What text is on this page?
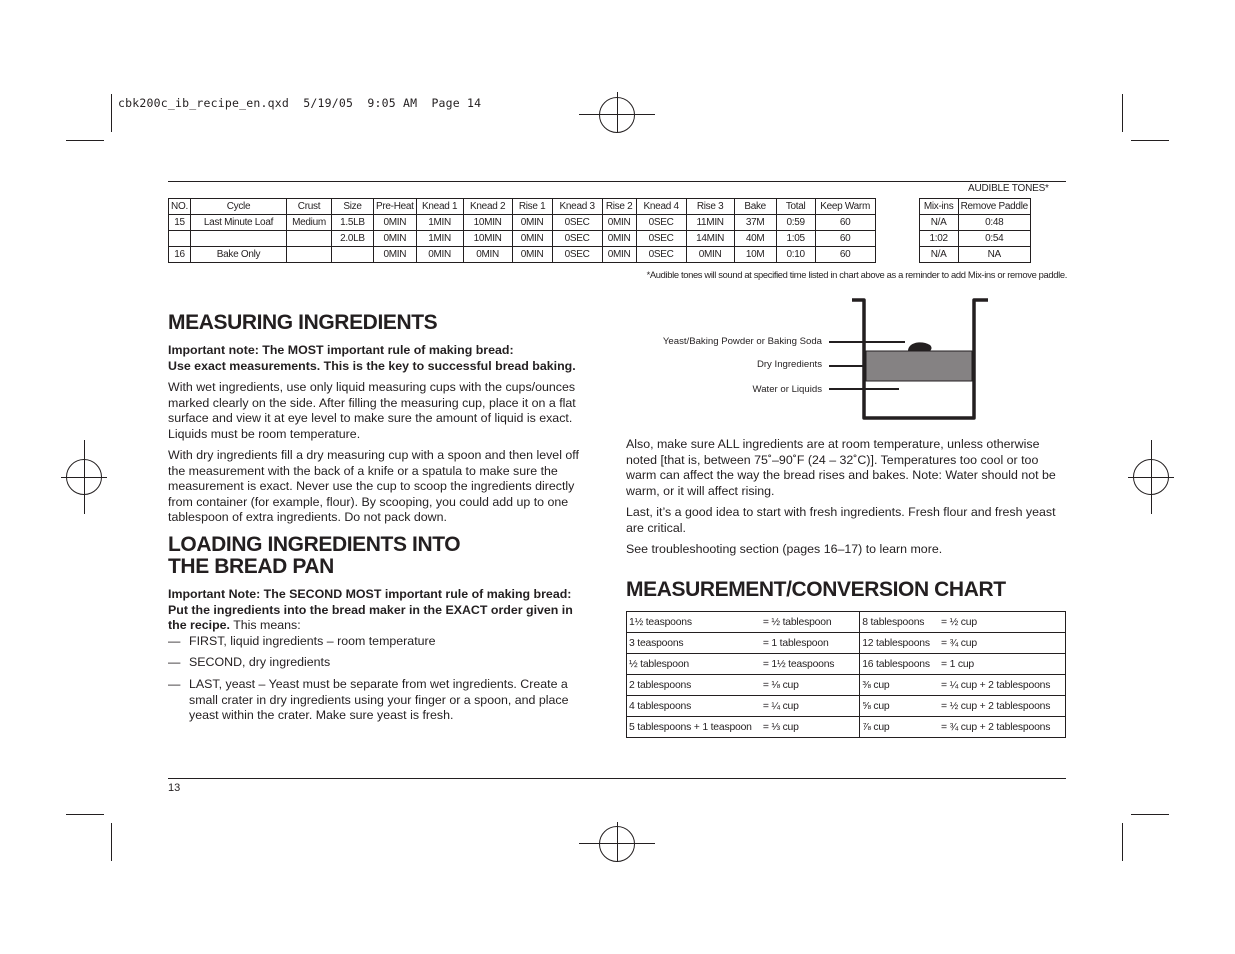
cbk200c_ib_recipe_en.qxd  5/19/05  9:05 AM  Page 14
AUDIBLE TONES*
NO.	Cycle	Crust	Size	Pre-Heat	Knead 1	Knead 2	Rise 1	Knead 3	Rise 2	Knead 4	Rise 3	Bake	Total	Keep Warm		Mix-ins	Remove Paddle
15	Last Minute Loaf	Medium	1.5LB	0MIN	1MIN	10MIN	0MIN	0SEC	0MIN	0SEC	11MIN	37M	0:59	60		N/A	0:48
			2.0LB	0MIN	1MIN	10MIN	0MIN	0SEC	0MIN	0SEC	14MIN	40M	1:05	60		1:02	0:54
16	Bake Only			0MIN	0MIN	0MIN	0MIN	0SEC	0MIN	0SEC	0MIN	10M	0:10	60		N/A	NA
*Audible tones will sound at specified time listed in chart above as a reminder to add Mix-ins or remove paddle.
MEASURING INGREDIENTS
Important note: The MOST important rule of making bread:
Use exact measurements. This is the key to successful bread baking.
With wet ingredients, use only liquid measuring cups with the cups/ounces marked clearly on the side. After filling the measuring cup, place it on a flat surface and view it at eye level to make sure the amount of liquid is exact. Liquids must be room temperature.
With dry ingredients fill a dry measuring cup with a spoon and then level off the measurement with the back of a knife or a spatula to make sure the measurement is exact. Never use the cup to scoop the ingredients directly from container (for example, flour). By scooping, you could add up to one tablespoon of extra ingredients. Do not pack down.
LOADING INGREDIENTS INTO
THE BREAD PAN
Important Note: The SECOND MOST important rule of making bread:
Put the ingredients into the bread maker in the EXACT order given in
the recipe. This means:
— FIRST, liquid ingredients – room temperature
— SECOND, dry ingredients
— LAST, yeast – Yeast must be separate from wet ingredients. Create a small crater in dry ingredients using your finger or a spoon, and place yeast within the crater. Make sure yeast is fresh.
Yeast/Baking Powder or Baking Soda
Dry Ingredients
Water or Liquids
Also, make sure ALL ingredients are at room temperature, unless otherwise noted [that is, between 75˚–90˚F (24 – 32˚C)]. Temperatures too cool or too warm can affect the way the bread rises and bakes. Note: Water should not be warm, or it will affect rising.
Last, it’s a good idea to start with fresh ingredients. Fresh flour and fresh yeast are critical.
See troubleshooting section (pages 16–17) to learn more.
MEASUREMENT/CONVERSION CHART
1½ teaspoons	= ½ tablespoon	8 tablespoons	= ½ cup
3 teaspoons	= 1 tablespoon	12 tablespoons	= ¾ cup
½ tablespoon	= 1½ teaspoons	16 tablespoons	= 1 cup
2 tablespoons	= ⅛ cup	⅜ cup	= ¼ cup + 2 tablespoons
4 tablespoons	= ¼ cup	⅝ cup	= ½ cup + 2 tablespoons
5 tablespoons + 1 teaspoon	= ⅓ cup	⅞ cup	= ¾ cup + 2 tablespoons
13
